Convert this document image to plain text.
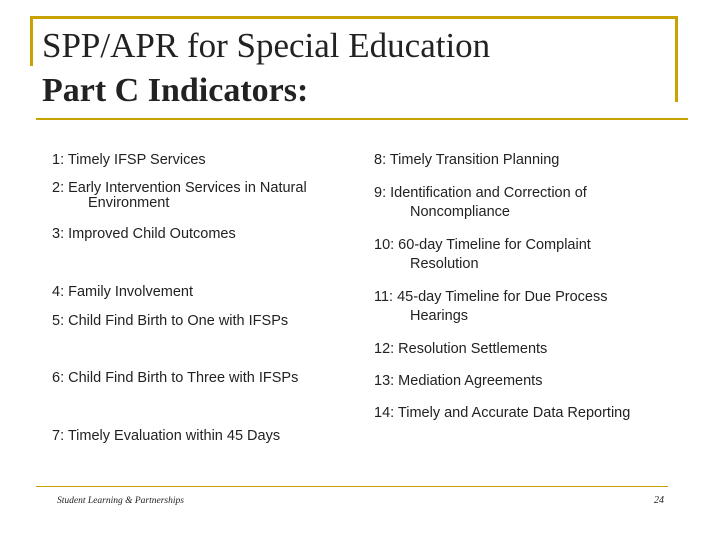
SPP/APR for Special Education
Part C Indicators:
1: Timely IFSP Services
2: Early Intervention Services in Natural
Environment
3: Improved Child Outcomes
4: Family Involvement
5: Child Find Birth to One with IFSPs
6: Child Find Birth to Three with IFSPs
7: Timely Evaluation within 45 Days
8: Timely Transition Planning
9: Identification and Correction of
Noncompliance
10: 60-day Timeline for Complaint
Resolution
11: 45-day Timeline for Due Process
Hearings
12: Resolution Settlements
13: Mediation Agreements
14: Timely and Accurate Data Reporting
Student Learning & Partnerships	24
